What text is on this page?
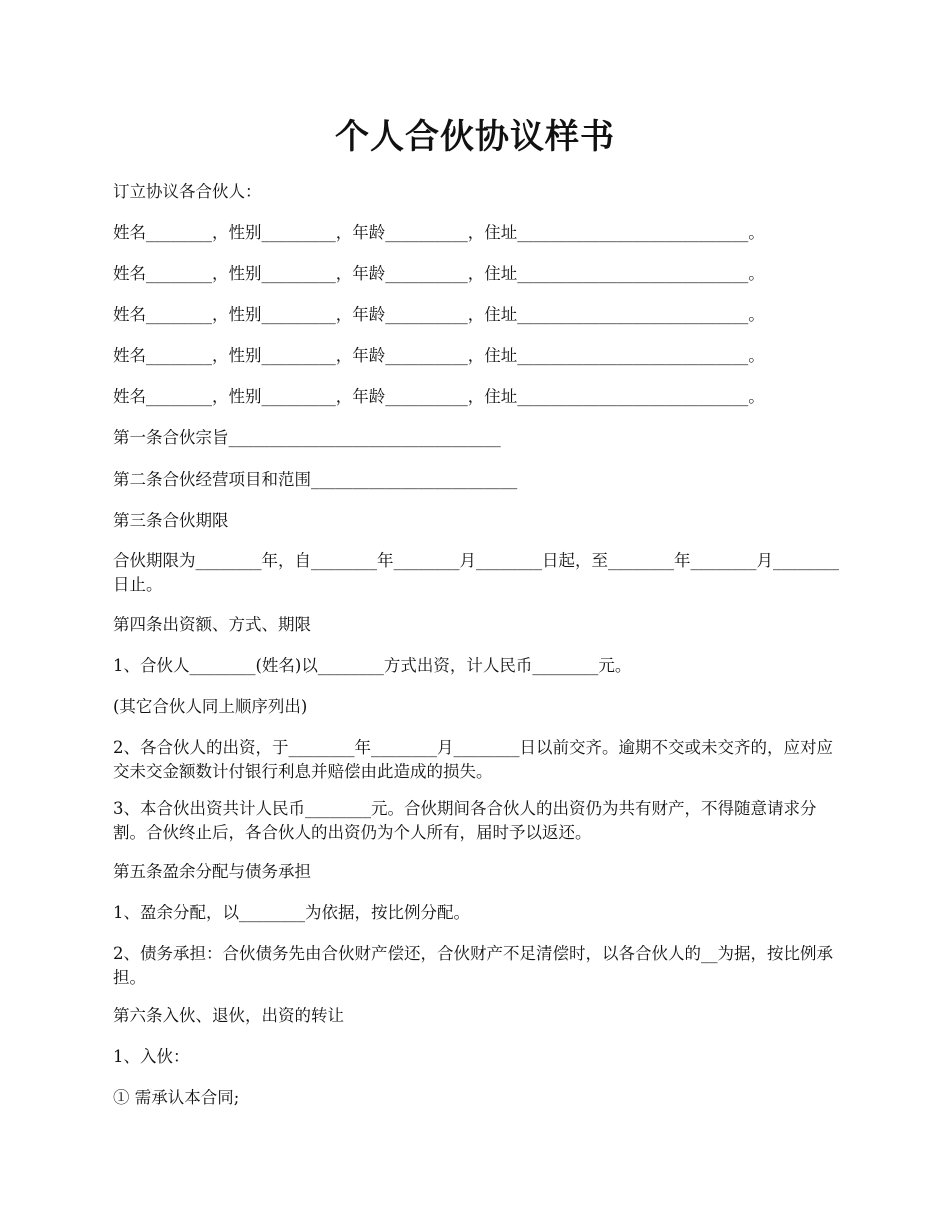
个人合伙协议样书

订立协议各合伙人：

姓名________，性别_________，年龄__________，住址____________________________。

姓名________，性别_________，年龄__________，住址____________________________。

姓名________，性别_________，年龄__________，住址____________________________。

姓名________，性别_________，年龄__________，住址____________________________。

姓名________，性别_________，年龄__________，住址____________________________。

第一条合伙宗旨_________________________________

第二条合伙经营项目和范围_________________________

第三条合伙期限

合伙期限为________年，自________年________月________日起，至________年________月________日止。

第四条出资额、方式、期限

1、合伙人________(姓名)以________方式出资，计人民币________元。

(其它合伙人同上顺序列出)

2、各合伙人的出资，于________年________月________日以前交齐。逾期不交或未交齐的，应对应交未交金额数计付银行利息并赔偿由此造成的损失。

3、本合伙出资共计人民币________元。合伙期间各合伙人的出资仍为共有财产，不得随意请求分割。合伙终止后，各合伙人的出资仍为个人所有，届时予以返还。

第五条盈余分配与债务承担

1、盈余分配，以________为依据，按比例分配。

2、债务承担：合伙债务先由合伙财产偿还，合伙财产不足清偿时，以各合伙人的__为据，按比例承担。

第六条入伙、退伙，出资的转让

1、入伙：

① 需承认本合同;
